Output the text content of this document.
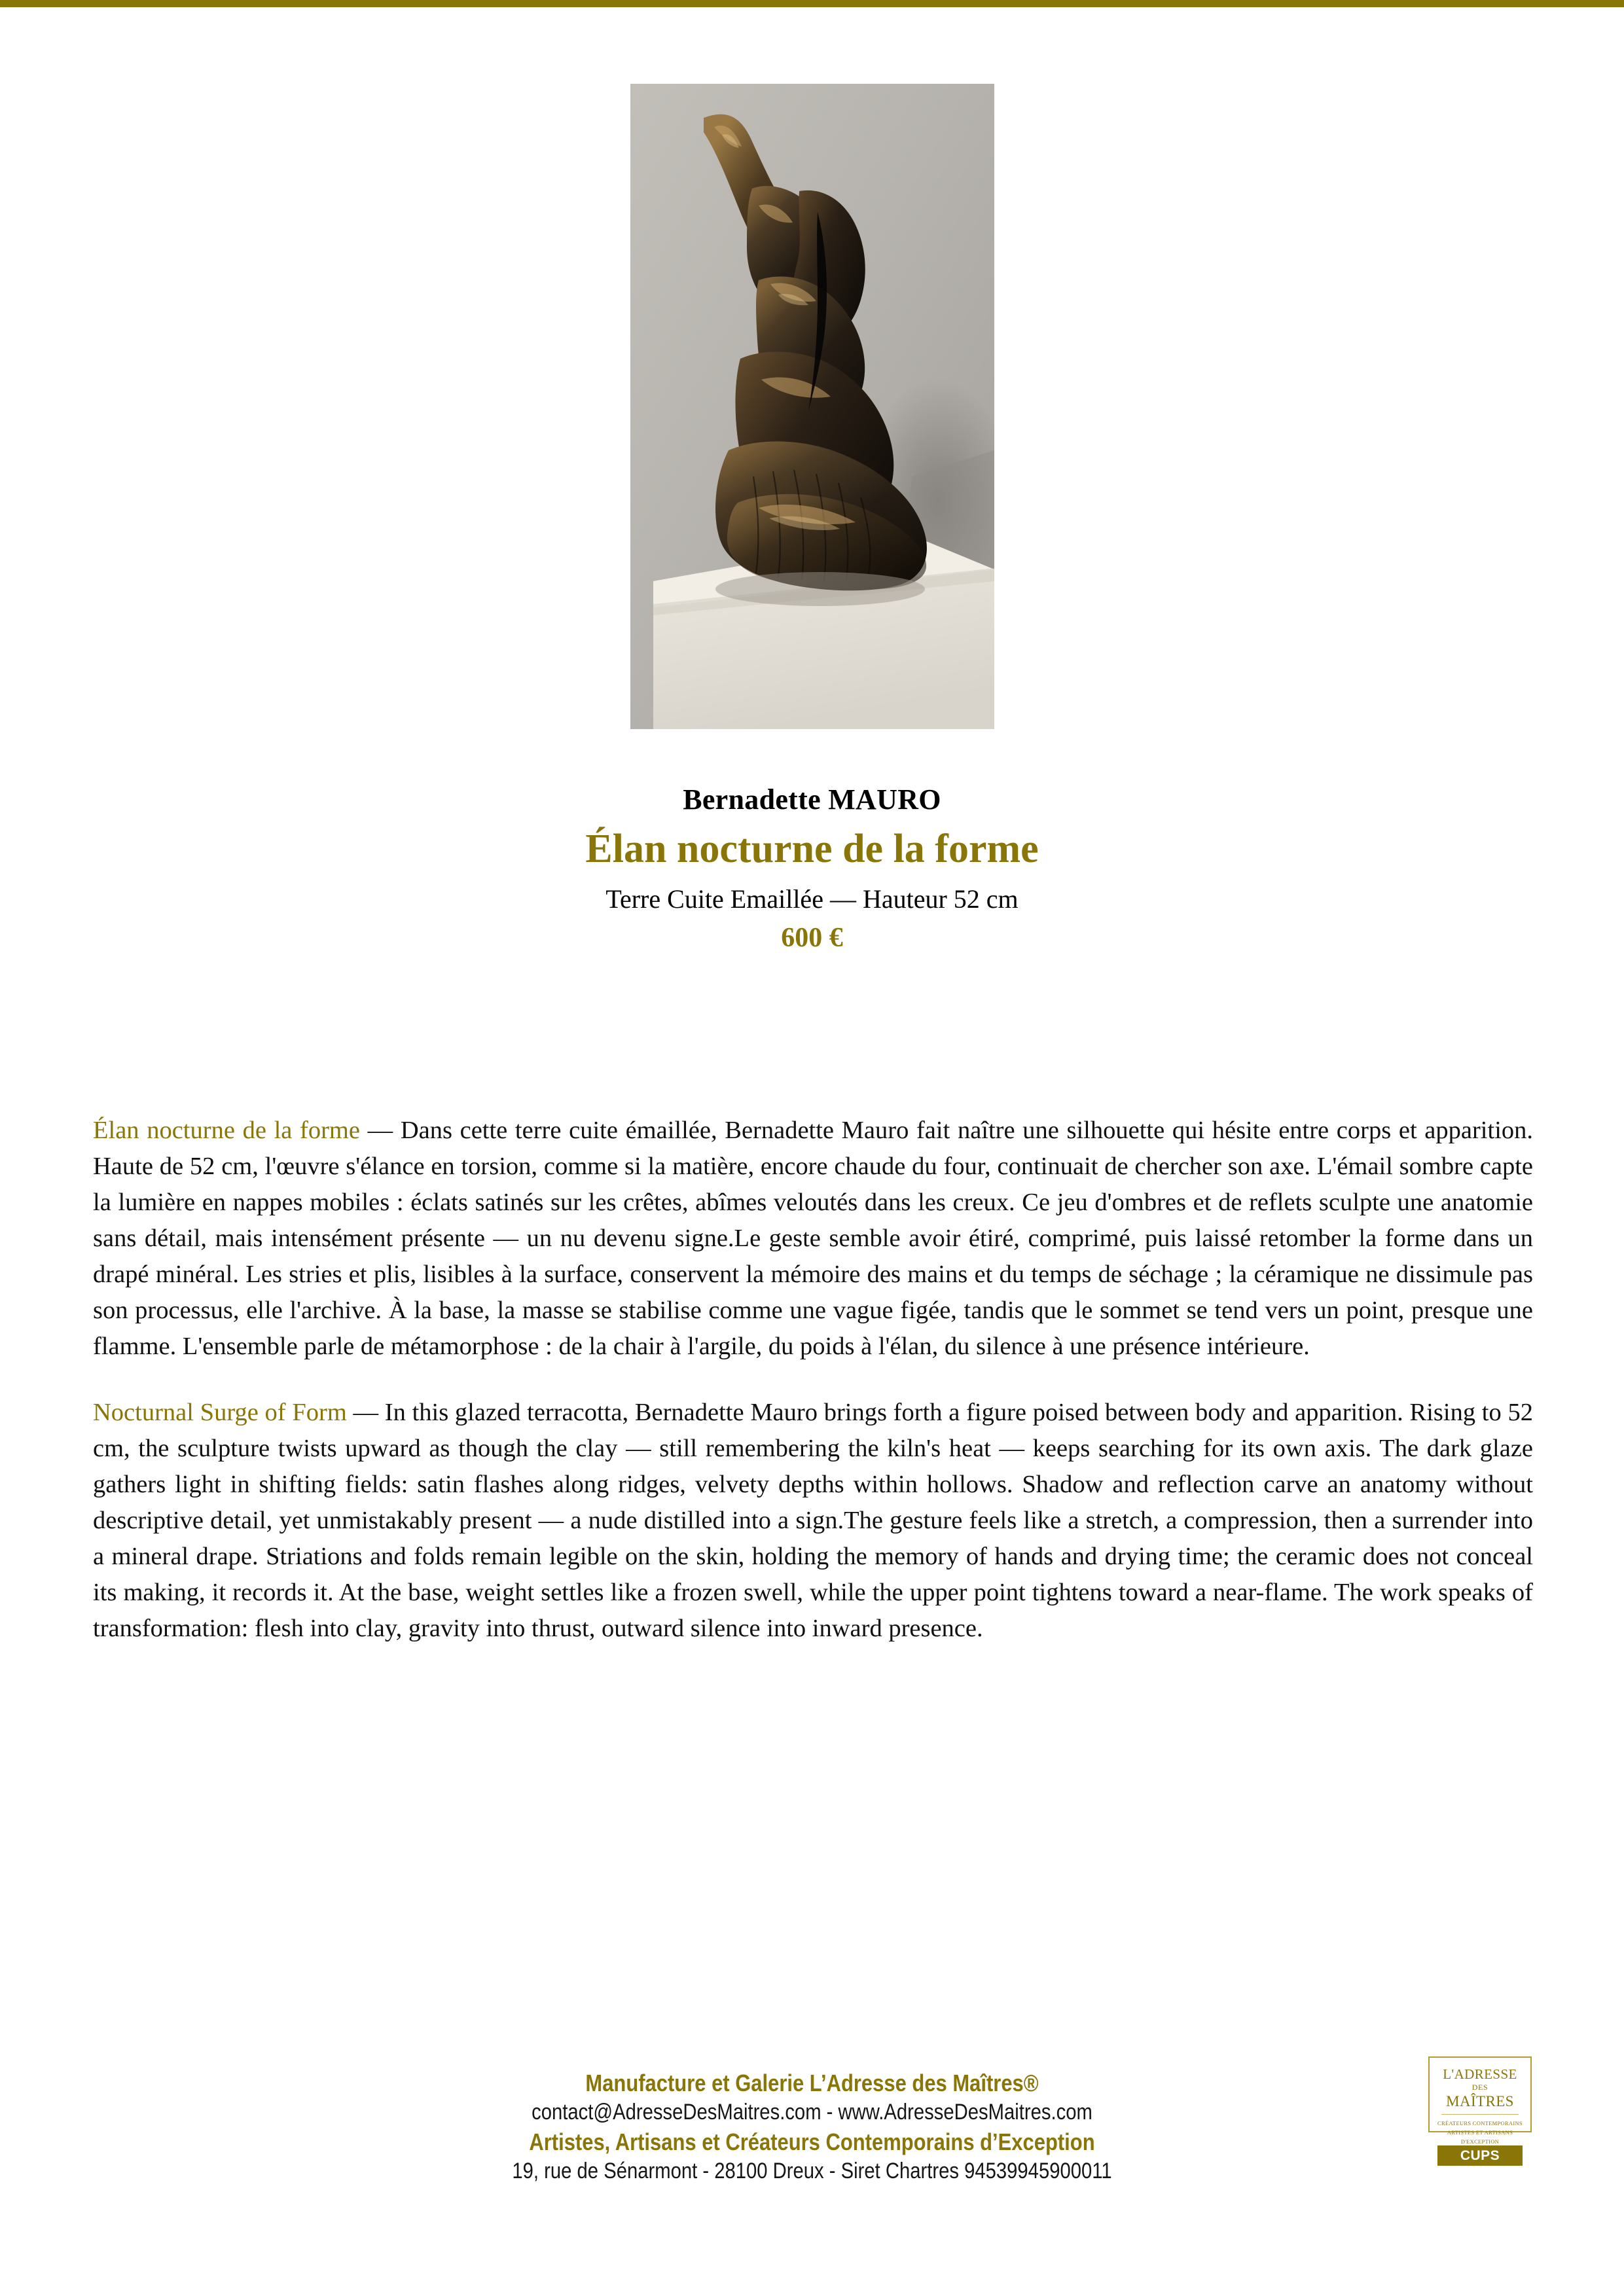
Bernadette MAURO
Élan nocturne de la forme
Terre Cuite Emaillée — Hauteur 52 cm
600 €

Élan nocturne de la forme — Dans cette terre cuite émaillée, Bernadette Mauro fait naître une silhouette qui hésite entre corps et apparition. Haute de 52 cm, l'œuvre s'élance en torsion, comme si la matière, encore chaude du four, continuait de chercher son axe. L'émail sombre capte la lumière en nappes mobiles : éclats satinés sur les crêtes, abîmes veloutés dans les creux. Ce jeu d'ombres et de reflets sculpte une anatomie sans détail, mais intensément présente — un nu devenu signe.Le geste semble avoir étiré, comprimé, puis laissé retomber la forme dans un drapé minéral. Les stries et plis, lisibles à la surface, conservent la mémoire des mains et du temps de séchage ; la céramique ne dissimule pas son processus, elle l'archive. À la base, la masse se stabilise comme une vague figée, tandis que le sommet se tend vers un point, presque une flamme. L'ensemble parle de métamorphose : de la chair à l'argile, du poids à l'élan, du silence à une présence intérieure.

Nocturnal Surge of Form — In this glazed terracotta, Bernadette Mauro brings forth a figure poised between body and apparition. Rising to 52 cm, the sculpture twists upward as though the clay — still remembering the kiln's heat — keeps searching for its own axis. The dark glaze gathers light in shifting fields: satin flashes along ridges, velvety depths within hollows. Shadow and reflection carve an anatomy without descriptive detail, yet unmistakably present — a nude distilled into a sign.The gesture feels like a stretch, a compression, then a surrender into a mineral drape. Striations and folds remain legible on the skin, holding the memory of hands and drying time; the ceramic does not conceal its making, it records it. At the base, weight settles like a frozen swell, while the upper point tightens toward a near-flame. The work speaks of transformation: flesh into clay, gravity into thrust, outward silence into inward presence.

Manufacture et Galerie L’Adresse des Maîtres®
contact@AdresseDesMaitres.com - www.AdresseDesMaitres.com
Artistes, Artisans et Créateurs Contemporains d’Exception
19, rue de Sénarmont - 28100 Dreux - Siret Chartres 94539945900011
L'ADRESSE
DES
MAÎTRES
CRÉATEURS CONTEMPORAINS
ARTISTES ET ARTISANS
D'EXCEPTION
CUPS
